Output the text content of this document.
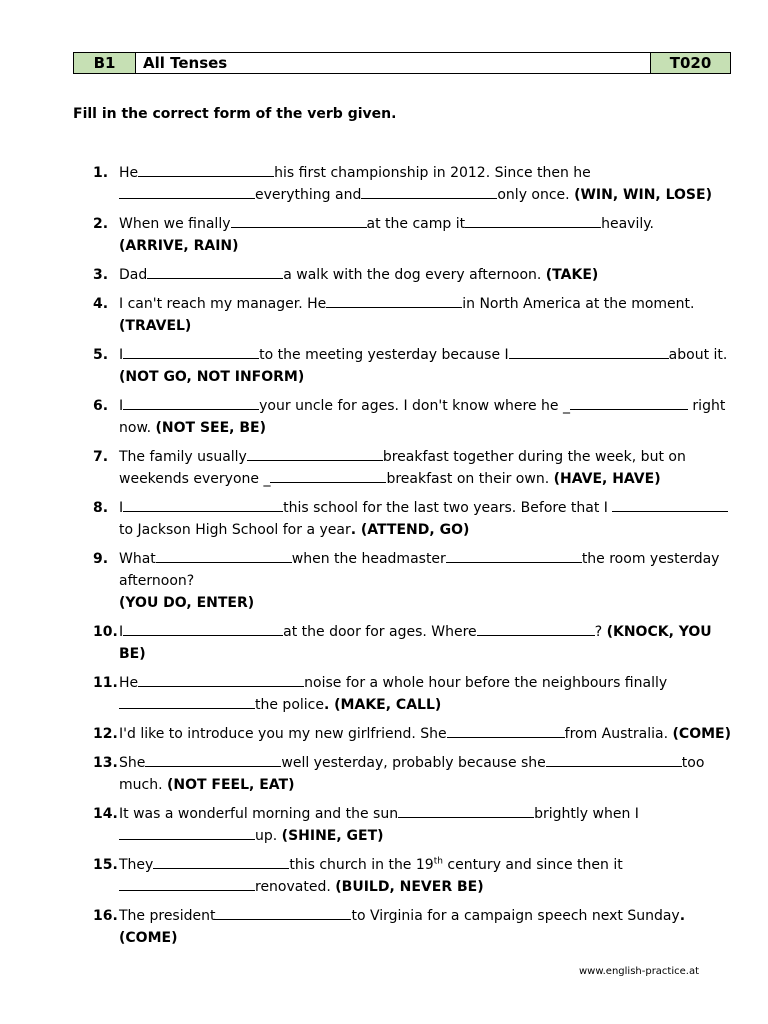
B1	All Tenses	T020
Fill in the correct form of the verb given.
1. He	his first championship in 2012. Since then he
everything and	only once. (WIN, WIN, LOSE)
2. When we finally	at the camp it	heavily.
(ARRIVE, RAIN)
3. Dad	a walk with the dog every afternoon. (TAKE)
4. I can't reach my manager. He	in North America at the moment.
(TRAVEL)
5. I	to the meeting yesterday because I	about it. (NOT GO, NOT INFORM)
6. I	your uncle for ages. I don't know where he _	right now. (NOT SEE, BE)
7. The family usually	breakfast together during the week, but on weekends everyone _	breakfast on their own. (HAVE, HAVE)
8. I	this school for the last two years. Before that I  to Jackson High School for a year. (ATTEND, GO)
9. What	when the headmaster	the room yesterday afternoon?
(YOU DO, ENTER)
10. I	at the door for ages. Where	? (KNOCK, YOU BE)
11. He	noise for a whole hour before the neighbours finally
the police. (MAKE, CALL)
12. I'd like to introduce you my new girlfriend. She	from Australia. (COME)
13. She	well yesterday, probably because she	too much. (NOT FEEL, EAT)
14. It was a wonderful morning and the sun	brightly when I
up. (SHINE, GET)
15. They	this church in the 19th century and since then it
renovated. (BUILD, NEVER BE)
16. The president	to Virginia for a campaign speech next Sunday. (COME)
www.english-practice.at
